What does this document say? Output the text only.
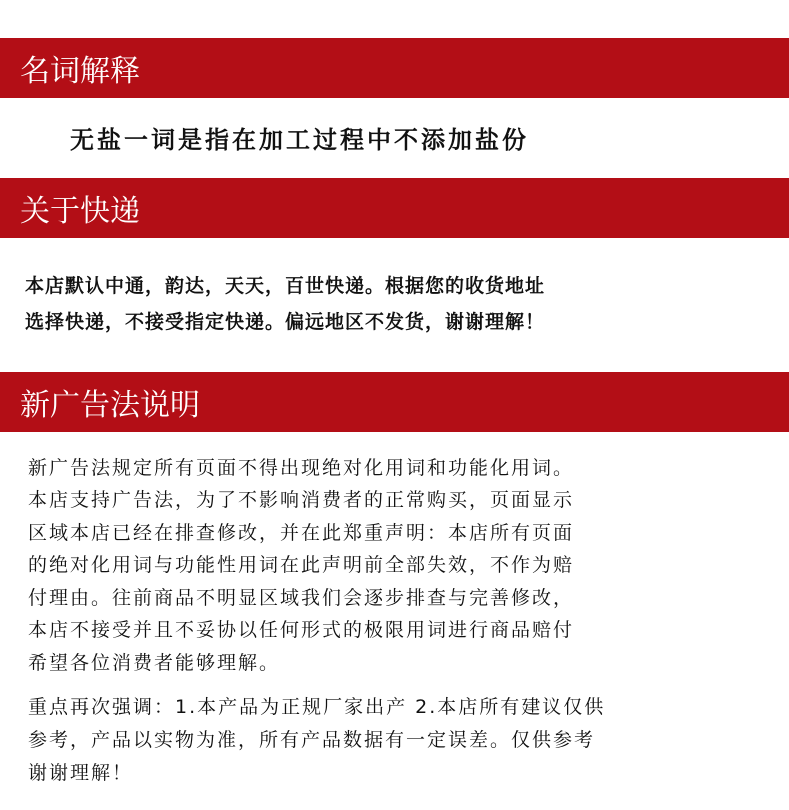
名词解释
无盐一词是指在加工过程中不添加盐份
关于快递
本店默认中通，韵达，天天，百世快递。根据您的收货地址
选择快递，不接受指定快递。偏远地区不发货，谢谢理解！
新广告法说明
新广告法规定所有页面不得出现绝对化用词和功能化用词。
本店支持广告法，为了不影响消费者的正常购买，页面显示
区域本店已经在排查修改，并在此郑重声明：本店所有页面
的绝对化用词与功能性用词在此声明前全部失效，不作为赔
付理由。往前商品不明显区域我们会逐步排查与完善修改，
本店不接受并且不妥协以任何形式的极限用词进行商品赔付
希望各位消费者能够理解。
重点再次强调：1.本产品为正规厂家出产 2.本店所有建议仅供
参考，产品以实物为准，所有产品数据有一定误差。仅供参考
谢谢理解！
